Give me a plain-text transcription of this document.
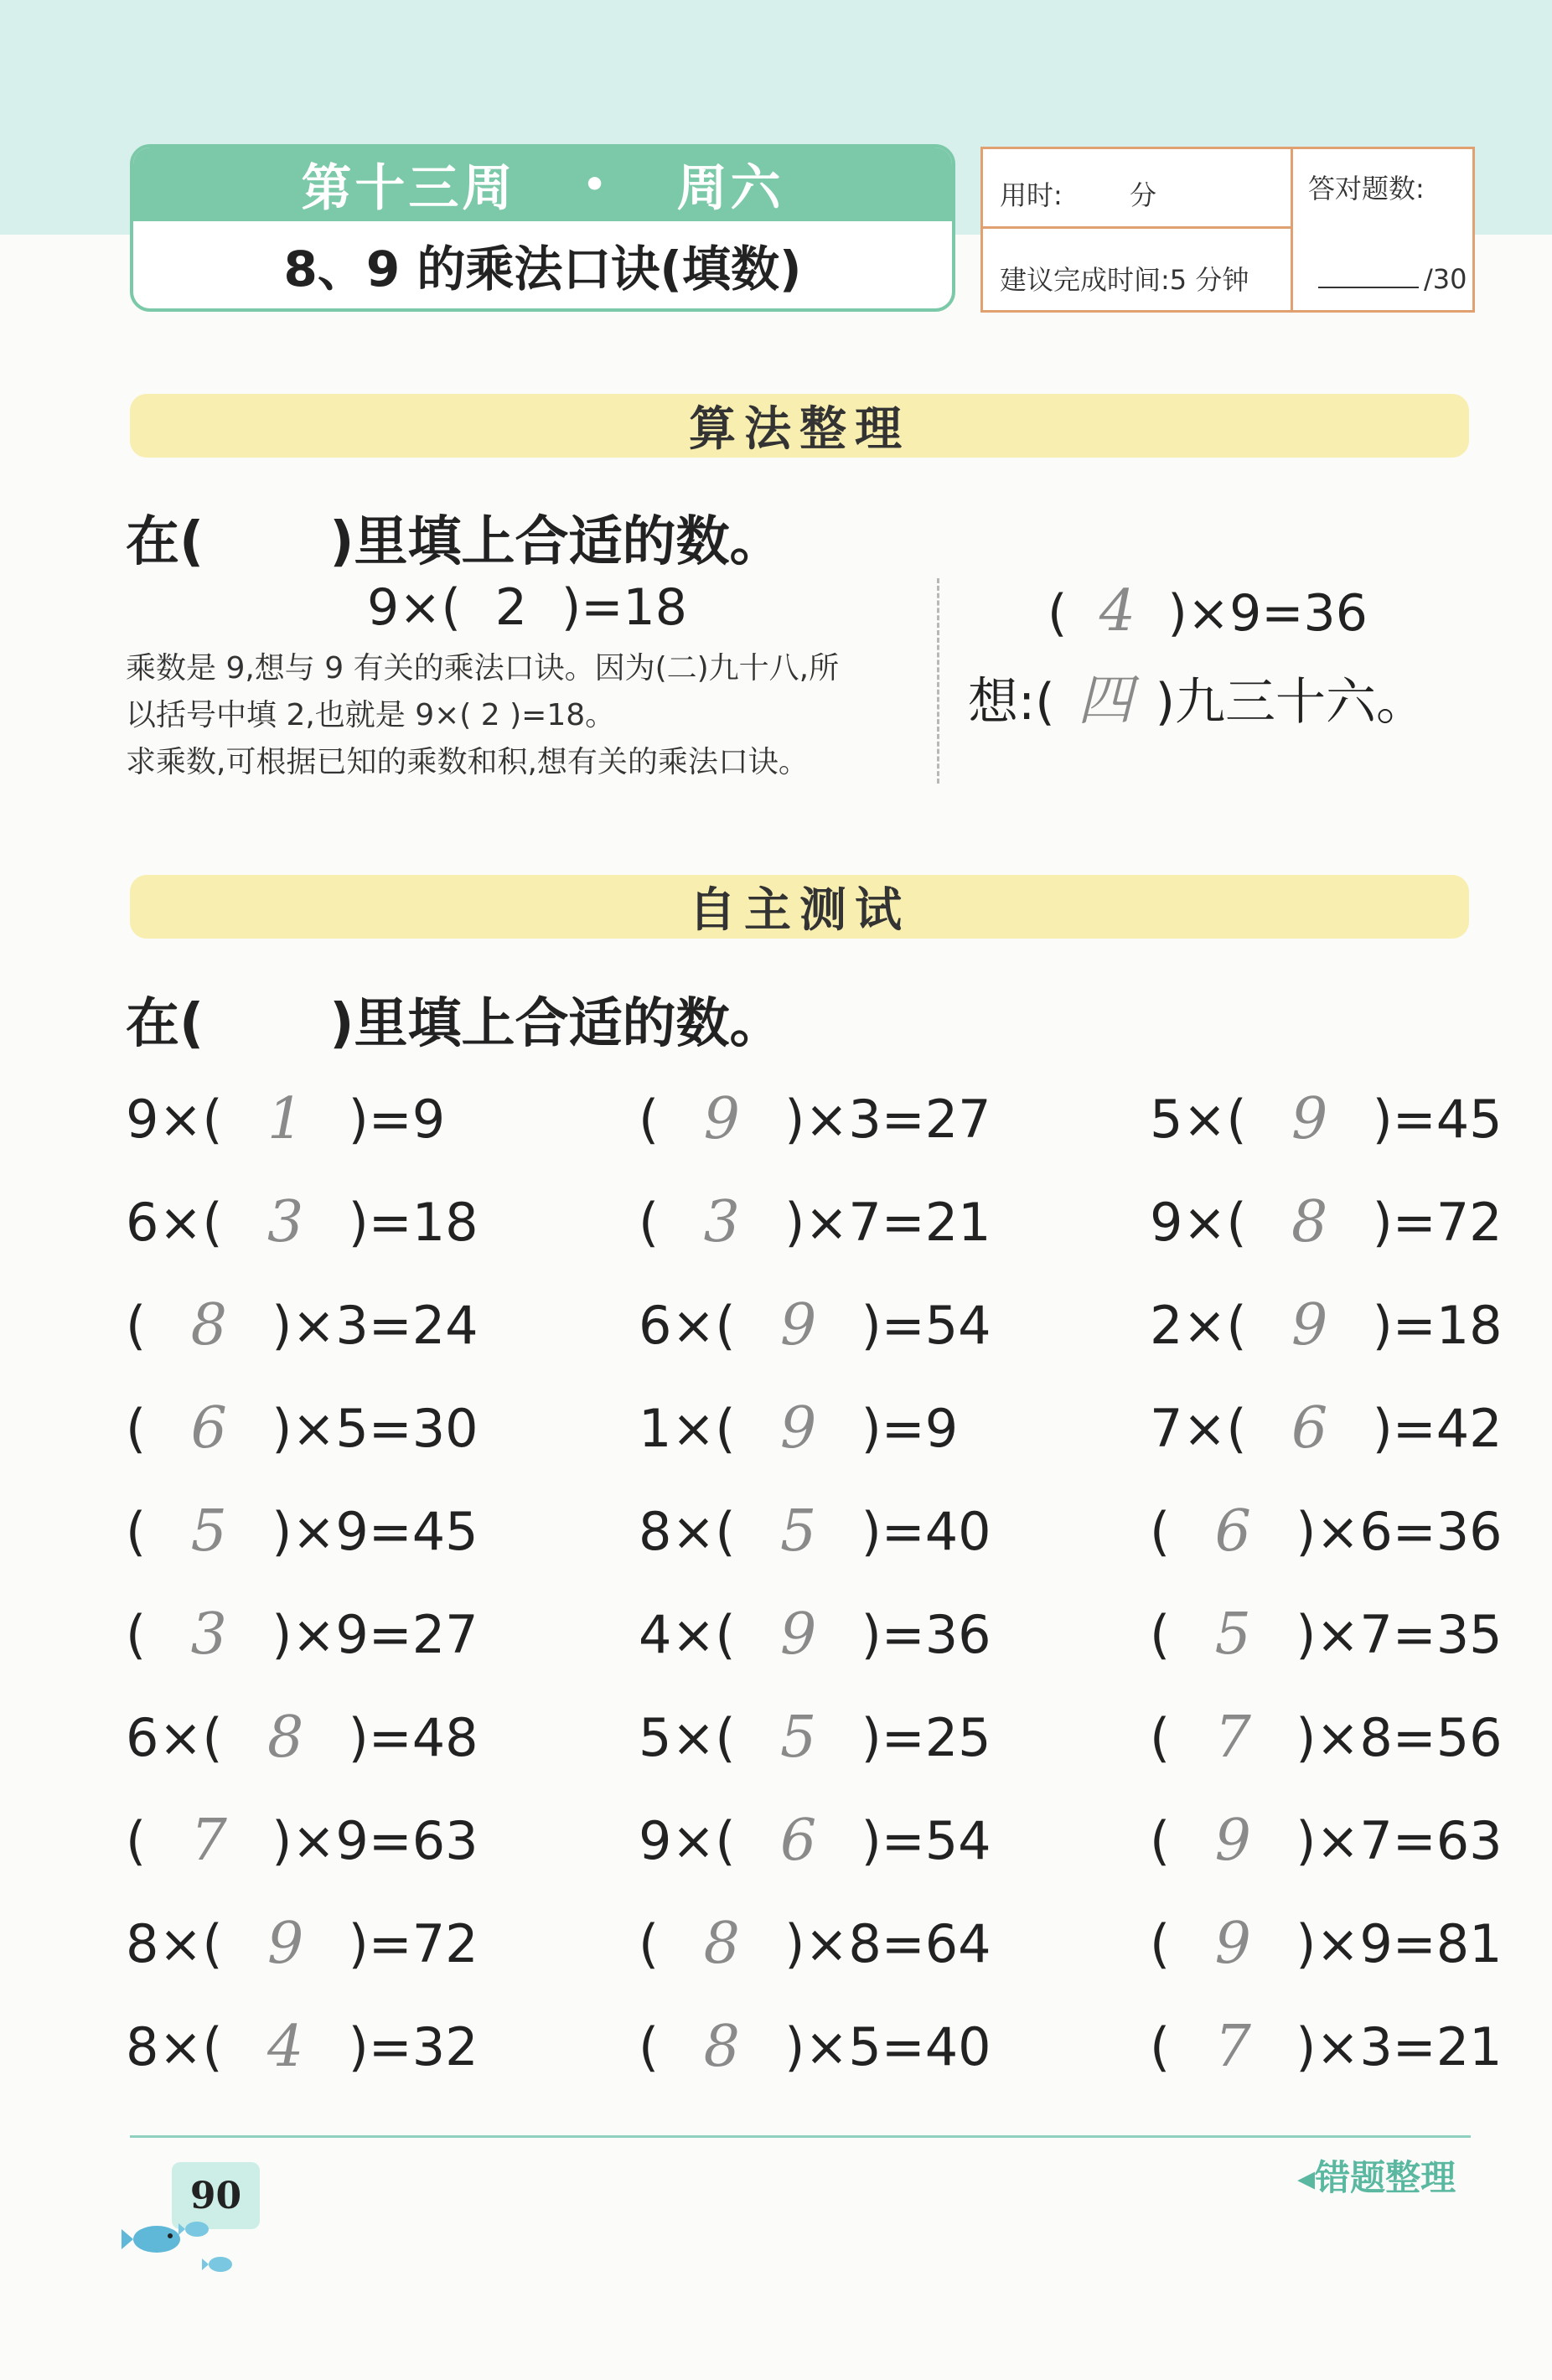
第十三周 • 周六
8、9 的乘法口诀(填数)
用时:	分	答对题数:
/30
建议完成时间:5 分钟
算法整理
在( )里填上合适的数。
9×( 2 )=18
乘数是 9,想与 9 有关的乘法口诀。因为(二)九十八,所
以括号中填 2,也就是 9×( 2 )=18。
求乘数,可根据已知的乘数和积,想有关的乘法口诀。
( 4 )×9=36
想:( 四 )九三十六。
自主测试
在( )里填上合适的数。
9×( 1 )=9
6×( 3 )=18
( 8 )×3=24
( 6 )×5=30
( 5 )×9=45
( 3 )×9=27
6×( 8 )=48
( 7 )×9=63
8×( 9 )=72
8×( 4 )=32
( 9 )×3=27
( 3 )×7=21
6×( 9 )=54
1×( 9 )=9
8×( 5 )=40
4×( 9 )=36
5×( 5 )=25
9×( 6 )=54
( 8 )×8=64
( 8 )×5=40
5×( 9 )=45
9×( 8 )=72
2×( 9 )=18
7×( 6 )=42
( 6 )×6=36
( 5 )×7=35
( 7 )×8=56
( 9 )×7=63
( 9 )×9=81
( 7 )×3=21
90	◂错题整理
